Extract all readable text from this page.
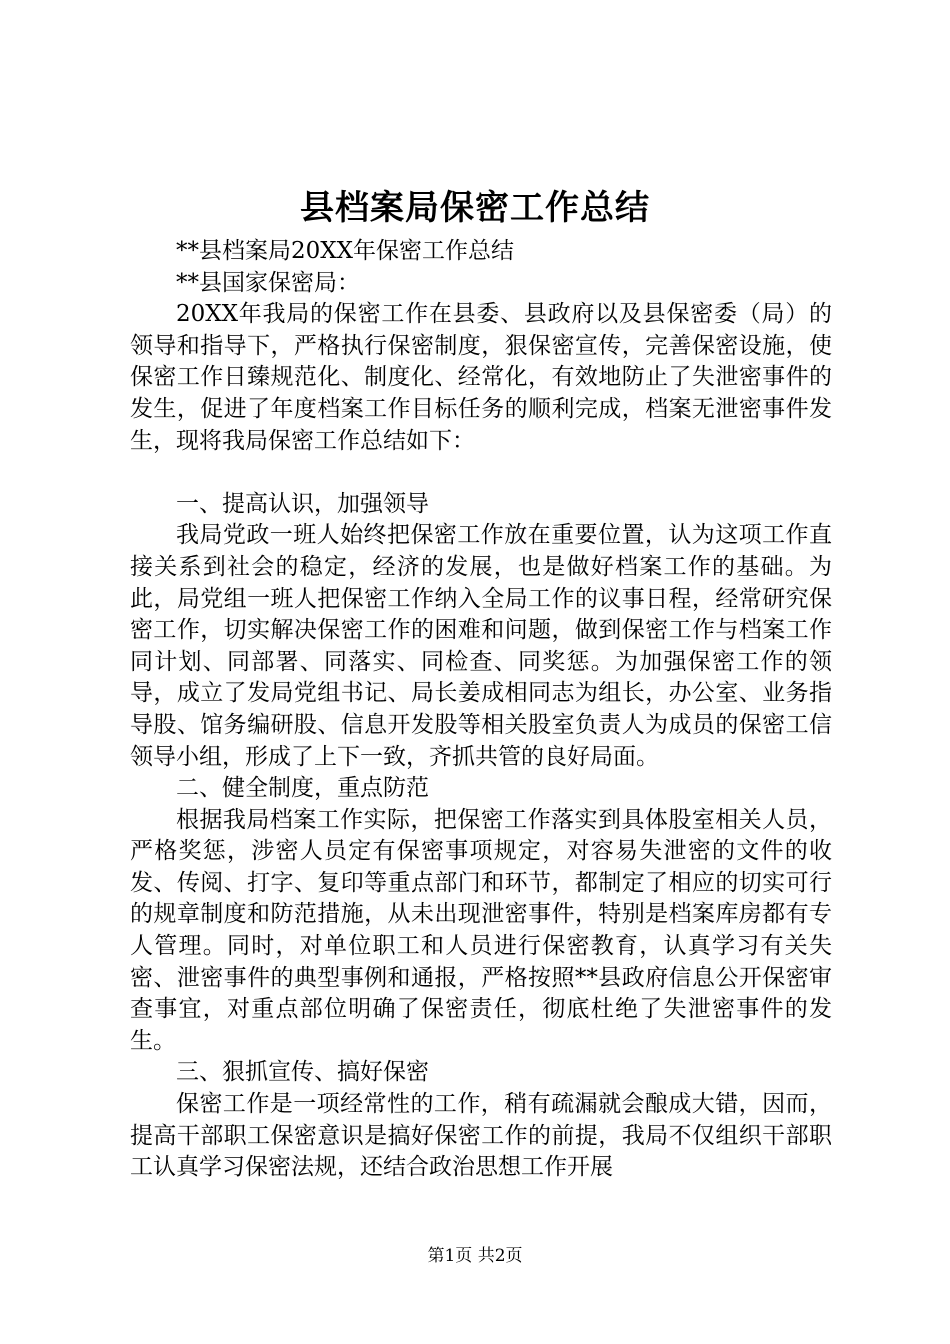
县档案局保密工作总结

**县档案局20XX年保密工作总结

**县国家保密局：

20XX年我局的保密工作在县委、县政府以及县保密委（局）的领导和指导下，严格执行保密制度，狠保密宣传，完善保密设施，使保密工作日臻规范化、制度化、经常化，有效地防止了失泄密事件的发生，促进了年度档案工作目标任务的顺利完成，档案无泄密事件发生，现将我局保密工作总结如下：

一、提高认识，加强领导

我局党政一班人始终把保密工作放在重要位置，认为这项工作直接关系到社会的稳定，经济的发展，也是做好档案工作的基础。为此，局党组一班人把保密工作纳入全局工作的议事日程，经常研究保密工作，切实解决保密工作的困难和问题，做到保密工作与档案工作同计划、同部署、同落实、同检查、同奖惩。为加强保密工作的领导，成立了发局党组书记、局长姜成相同志为组长，办公室、业务指导股、馆务编研股、信息开发股等相关股室负责人为成员的保密工信领导小组，形成了上下一致，齐抓共管的良好局面。

二、健全制度，重点防范

根据我局档案工作实际，把保密工作落实到具体股室相关人员，严格奖惩，涉密人员定有保密事项规定，对容易失泄密的文件的收发、传阅、打字、复印等重点部门和环节，都制定了相应的切实可行的规章制度和防范措施，从未出现泄密事件，特别是档案库房都有专人管理。同时，对单位职工和人员进行保密教育，认真学习有关失密、泄密事件的典型事例和通报，严格按照**县政府信息公开保密审查事宜，对重点部位明确了保密责任，彻底杜绝了失泄密事件的发生。

三、狠抓宣传、搞好保密

保密工作是一项经常性的工作，稍有疏漏就会酿成大错，因而，提高干部职工保密意识是搞好保密工作的前提，我局不仅组织干部职工认真学习保密法规，还结合政治思想工作开展

第1页 共2页
